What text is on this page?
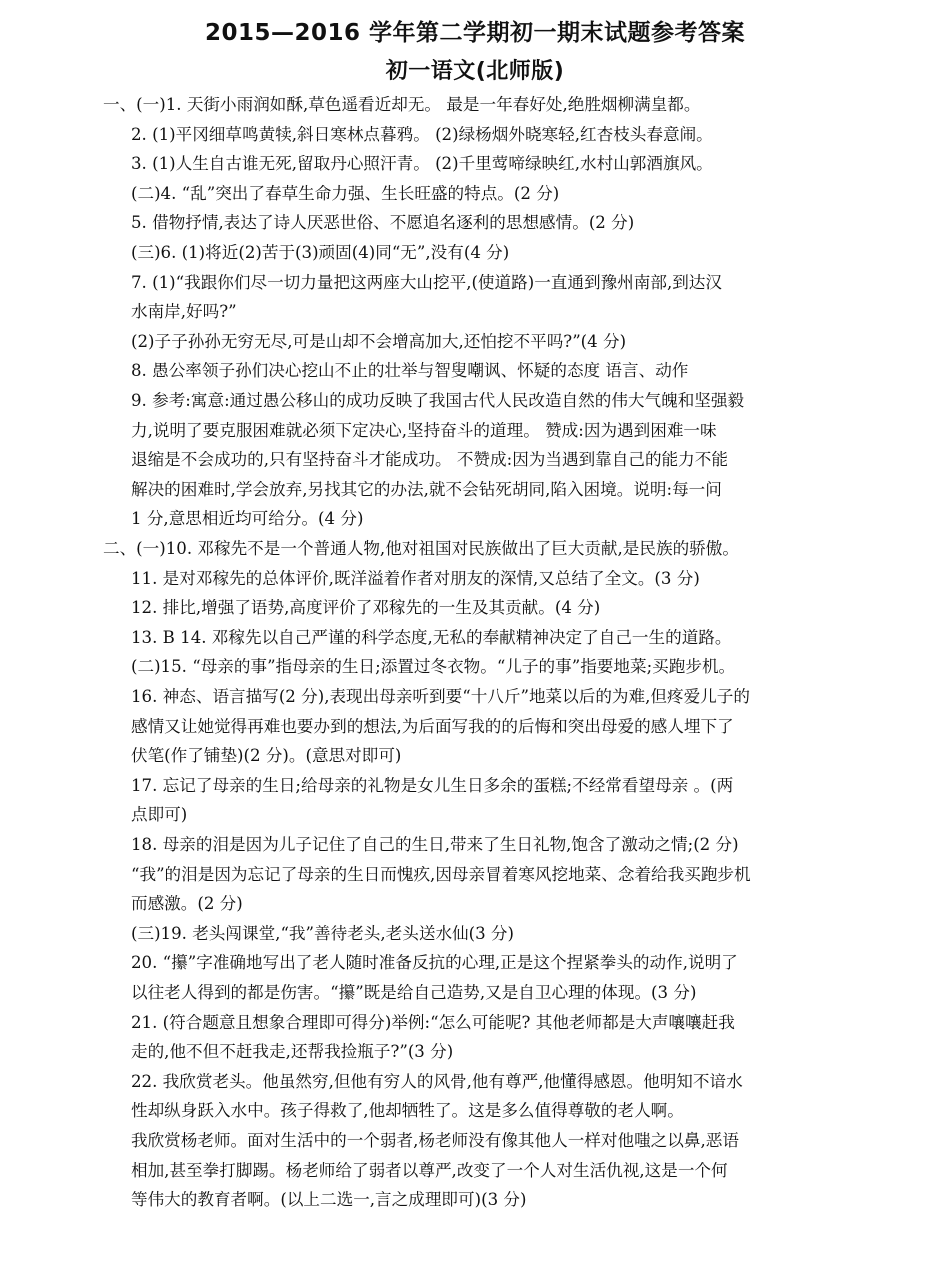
2015—2016 学年第二学期初一期末试题参考答案
初一语文(北师版)
一、(一)1. 天街小雨润如酥,草色遥看近却无。 最是一年春好处,绝胜烟柳满皇都。
2. (1)平冈细草鸣黄犊,斜日寒林点暮鸦。 (2)绿杨烟外晓寒轻,红杏枝头春意闹。
3. (1)人生自古谁无死,留取丹心照汗青。 (2)千里莺啼绿映红,水村山郭酒旗风。
(二)4. “乱”突出了春草生命力强、生长旺盛的特点。(2 分)
5. 借物抒情,表达了诗人厌恶世俗、不愿追名逐利的思想感情。(2 分)
(三)6. (1)将近(2)苦于(3)顽固(4)同“无”,没有(4 分)
7. (1)“我跟你们尽一切力量把这两座大山挖平,(使道路)一直通到豫州南部,到达汉
水南岸,好吗?”
(2)子子孙孙无穷无尽,可是山却不会增高加大,还怕挖不平吗?”(4 分)
8. 愚公率领子孙们决心挖山不止的壮举与智叟嘲讽、怀疑的态度 语言、动作
9. 参考:寓意:通过愚公移山的成功反映了我国古代人民改造自然的伟大气魄和坚强毅
力,说明了要克服困难就必须下定决心,坚持奋斗的道理。 赞成:因为遇到困难一味
退缩是不会成功的,只有坚持奋斗才能成功。 不赞成:因为当遇到靠自己的能力不能
解决的困难时,学会放弃,另找其它的办法,就不会钻死胡同,陷入困境。说明:每一问
1 分,意思相近均可给分。(4 分)
二、(一)10. 邓稼先不是一个普通人物,他对祖国对民族做出了巨大贡献,是民族的骄傲。
11. 是对邓稼先的总体评价,既洋溢着作者对朋友的深情,又总结了全文。(3 分)
12. 排比,增强了语势,高度评价了邓稼先的一生及其贡献。(4 分)
13. B 14. 邓稼先以自己严谨的科学态度,无私的奉献精神决定了自己一生的道路。
(二)15. “母亲的事”指母亲的生日;添置过冬衣物。“儿子的事”指要地菜;买跑步机。
16. 神态、语言描写(2 分),表现出母亲听到要“十八斤”地菜以后的为难,但疼爱儿子的
感情又让她觉得再难也要办到的想法,为后面写我的的后悔和突出母爱的感人埋下了
伏笔(作了铺垫)(2 分)。(意思对即可)
17. 忘记了母亲的生日;给母亲的礼物是女儿生日多余的蛋糕;不经常看望母亲 。(两
点即可)
18. 母亲的泪是因为儿子记住了自己的生日,带来了生日礼物,饱含了激动之情;(2 分)
“我”的泪是因为忘记了母亲的生日而愧疚,因母亲冒着寒风挖地菜、念着给我买跑步机
而感激。(2 分)
(三)19. 老头闯课堂,“我”善待老头,老头送水仙(3 分)
20. “攥”字准确地写出了老人随时准备反抗的心理,正是这个捏紧拳头的动作,说明了
以往老人得到的都是伤害。“攥”既是给自己造势,又是自卫心理的体现。(3 分)
21. (符合题意且想象合理即可得分)举例:“怎么可能呢? 其他老师都是大声嚷嚷赶我
走的,他不但不赶我走,还帮我捡瓶子?”(3 分)
22. 我欣赏老头。他虽然穷,但他有穷人的风骨,他有尊严,他懂得感恩。他明知不谙水
性却纵身跃入水中。孩子得救了,他却牺牲了。这是多么值得尊敬的老人啊。
我欣赏杨老师。面对生活中的一个弱者,杨老师没有像其他人一样对他嗤之以鼻,恶语
相加,甚至拳打脚踢。杨老师给了弱者以尊严,改变了一个人对生活仇视,这是一个何
等伟大的教育者啊。(以上二选一,言之成理即可)(3 分)
